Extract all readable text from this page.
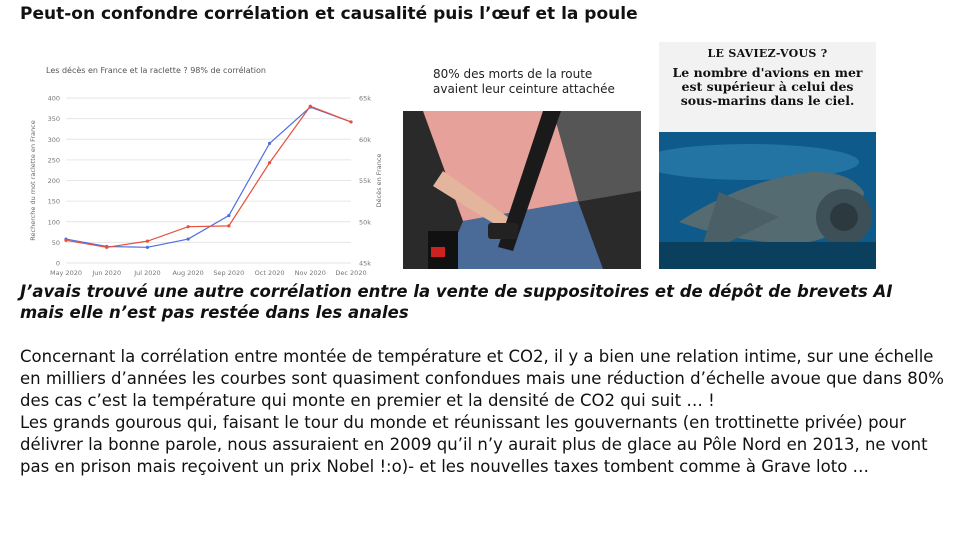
Peut-on confondre corrélation et causalité puis l’œuf et la poule
Les décès en France et la raclette ? 98% de corrélation
0
50
100
150
200
250
300
350
400
45k
50k
55k
60k
65k
May 2020 Jun 2020 Jul 2020 Aug 2020 Sep 2020 Oct 2020 Nov 2020 Dec 2020
Recherche du mot raclette en France	Décès en France
80% des morts de la route
avaient leur ceinture attachée
LE SAVIEZ-VOUS ?
Le nombre d'avions en mer
est supérieur à celui des
sous-marins dans le ciel.
J’avais trouvé une autre corrélation entre la vente de suppositoires et de dépôt de brevets AI
mais elle n’est pas restée dans les anales

Concernant la corrélation entre montée de température et CO2, il y a bien une relation intime, sur une échelle en milliers d’années les courbes sont quasiment confondues mais une réduction d’échelle avoue que dans 80% des cas c’est la température qui monte en premier et la densité de CO2 qui suit … !

Les grands gourous qui, faisant le tour du monde et réunissant les gouvernants (en trottinette privée) pour délivrer la bonne parole, nous assuraient en 2009 qu’il n’y aurait plus de glace au Pôle Nord en 2013, ne vont pas en prison mais reçoivent un prix Nobel !:o)- et les nouvelles taxes tombent comme à Grave loto …
